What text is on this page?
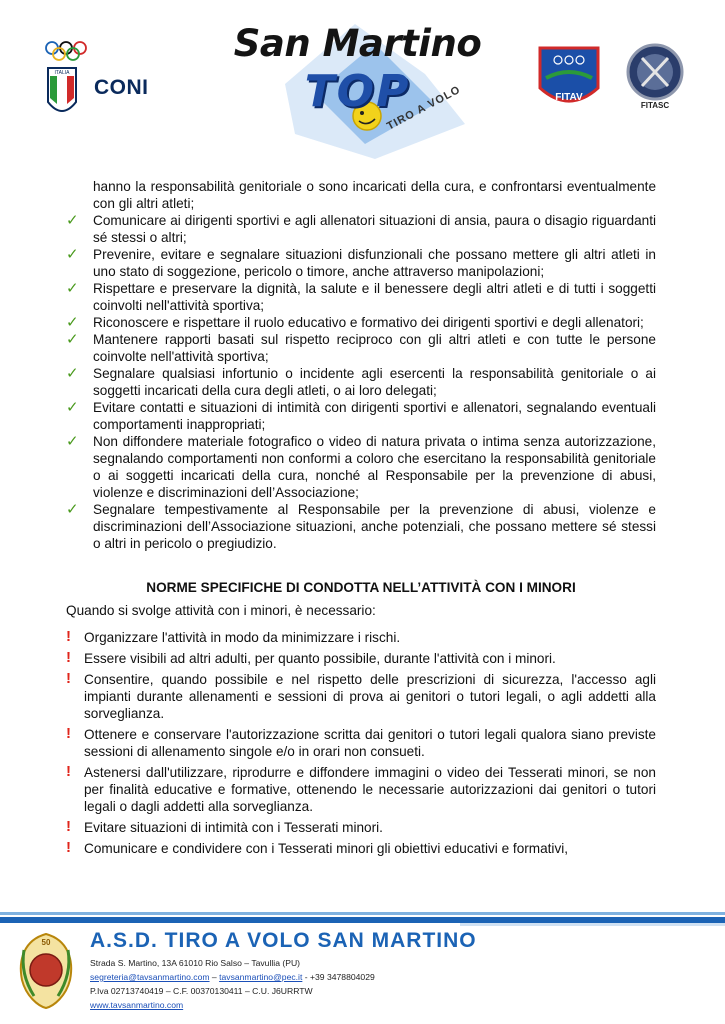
ITALIA
CONI
San Martino
TOP
TIRO A VOLO	FITAV
FITASC

hanno la responsabilità genitoriale o sono incaricati della cura, e confrontarsi eventualmente con gli altri atleti;

✓ Comunicare ai dirigenti sportivi e agli allenatori situazioni di ansia, paura o disagio riguardanti sé stessi o altri;
✓ Prevenire, evitare e segnalare situazioni disfunzionali che possano mettere gli altri atleti in uno stato di soggezione, pericolo o timore, anche attraverso manipolazioni;
✓ Rispettare e preservare la dignità, la salute e il benessere degli altri atleti e di tutti i soggetti coinvolti nell'attività sportiva;
✓ Riconoscere e rispettare il ruolo educativo e formativo dei dirigenti sportivi e degli allenatori;
✓ Mantenere rapporti basati sul rispetto reciproco con gli altri atleti e con tutte le persone coinvolte nell'attività sportiva;
✓ Segnalare qualsiasi infortunio o incidente agli esercenti la responsabilità genitoriale o ai soggetti incaricati della cura degli atleti, o ai loro delegati;
✓ Evitare contatti e situazioni di intimità con dirigenti sportivi e allenatori, segnalando eventuali comportamenti inappropriati;
✓ Non diffondere materiale fotografico o video di natura privata o intima senza autorizzazione, segnalando comportamenti non conformi a coloro che esercitano la responsabilità genitoriale o ai soggetti incaricati della cura, nonché al Responsabile per la prevenzione di abusi, violenze e discriminazioni dell’Associazione;
✓ Segnalare tempestivamente al Responsabile per la prevenzione di abusi, violenze e discriminazioni dell’Associazione situazioni, anche potenziali, che possano mettere sé stessi o altri in pericolo o pregiudizio.
NORME SPECIFICHE DI CONDOTTA NELL’ATTIVITÀ CON I MINORI
Quando si svolge attività con i minori, è necessario:
! Organizzare l'attività in modo da minimizzare i rischi.
! Essere visibili ad altri adulti, per quanto possibile, durante l'attività con i minori.
! Consentire, quando possibile e nel rispetto delle prescrizioni di sicurezza, l'accesso agli impianti durante allenamenti e sessioni di prova ai genitori o tutori legali, o agli addetti alla sorveglianza.
! Ottenere e conservare l'autorizzazione scritta dai genitori o tutori legali qualora siano previste sessioni di allenamento singole e/o in orari non consueti.
! Astenersi dall'utilizzare, riprodurre e diffondere immagini o video dei Tesserati minori, se non per finalità educative e formative, ottenendo le necessarie autorizzazioni dai genitori o tutori legali o dagli addetti alla sorveglianza.
! Evitare situazioni di intimità con i Tesserati minori.
! Comunicare e condividere con i Tesserati minori gli obiettivi educativi e formativi,
50 A.S.D. TIRO A VOLO SAN MARTINO
Strada S. Martino, 13A 61010 Rio Salso – Tavullia (PU)
segreteria@tavsanmartino.com – tavsanmartino@pec.it - +39 3478804029
P.Iva 02713740419 – C.F. 00370130411 – C.U. J6URRTW
www.tavsanmartino.com
